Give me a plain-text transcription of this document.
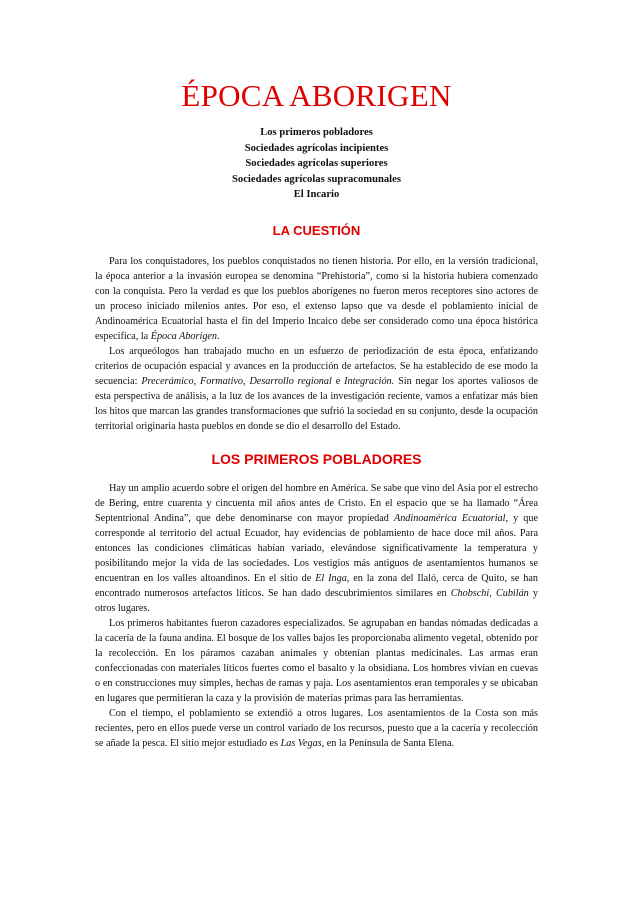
ÉPOCA ABORIGEN
Los primeros pobladores
Sociedades agrícolas incipientes
Sociedades agrícolas superiores
Sociedades agrícolas supracomunales
El Incario
LA CUESTIÓN

Para los conquistadores, los pueblos conquistados no tienen historia. Por ello, en la versión tradicional, la época anterior a la invasión europea se denomina “Prehistoria”, como si la historia hubiera comenzado con la conquista. Pero la verdad es que los pueblos aborígenes no fueron meros receptores sino actores de un proceso iniciado milenios antes. Por eso, el extenso lapso que va desde el poblamiento inicial de Andinoamérica Ecuatorial hasta el fin del Imperio Incaico debe ser considerado como una época histórica específica, la Época Aborigen.

Los arqueólogos han trabajado mucho en un esfuerzo de periodización de esta época, enfatizando criterios de ocupación espacial y avances en la producción de artefactos. Se ha establecido de ese modo la secuencia: Precerámico, Formativo, Desarrollo regional e Integración. Sin negar los aportes valiosos de esta perspectiva de análisis, a la luz de los avances de la investigación reciente, vamos a enfatizar más bien los hitos que marcan las grandes transformaciones que sufrió la sociedad en su conjunto, desde la ocupación territorial originaria hasta pueblos en donde se dio el desarrollo del Estado.

LOS PRIMEROS POBLADORES

Hay un amplio acuerdo sobre el origen del hombre en América. Se sabe que vino del Asia por el estrecho de Bering, entre cuarenta y cincuenta mil años antes de Cristo. En el espacio que se ha llamado “Área Septentrional Andina”, que debe denominarse con mayor propiedad Andinoamérica Ecuatorial, y que corresponde al territorio del actual Ecuador, hay evidencias de poblamiento de hace doce mil años. Para entonces las condiciones climáticas habían variado, elevándose significativamente la temperatura y posibilitando mejor la vida de las sociedades. Los vestigios más antiguos de asentamientos humanos se encuentran en los valles altoandinos. En el sitio de El Inga, en la zona del Ilaló, cerca de Quito, se han encontrado numerosos artefactos líticos. Se han dado descubrimientos similares en Chobschi, Cubilán y otros lugares.

Los primeros habitantes fueron cazadores especializados. Se agrupaban en bandas nómadas dedicadas a la cacería de la fauna andina. El bosque de los valles bajos les proporcionaba alimento vegetal, obtenido por la recolección. En los páramos cazaban animales y obtenían plantas medicinales. Las armas eran confeccionadas con materiales líticos fuertes como el basalto y la obsidiana. Los hombres vivían en cuevas o en construcciones muy simples, hechas de ramas y paja. Los asentamientos eran temporales y se ubicaban en lugares que permitieran la caza y la provisión de materias primas para las herramientas.

Con el tiempo, el poblamiento se extendió a otros lugares. Los asentamientos de la Costa son más recientes, pero en ellos puede verse un control variado de los recursos, puesto que a la cacería y recolección se añade la pesca. El sitio mejor estudiado es Las Vegas, en la Península de Santa Elena.
